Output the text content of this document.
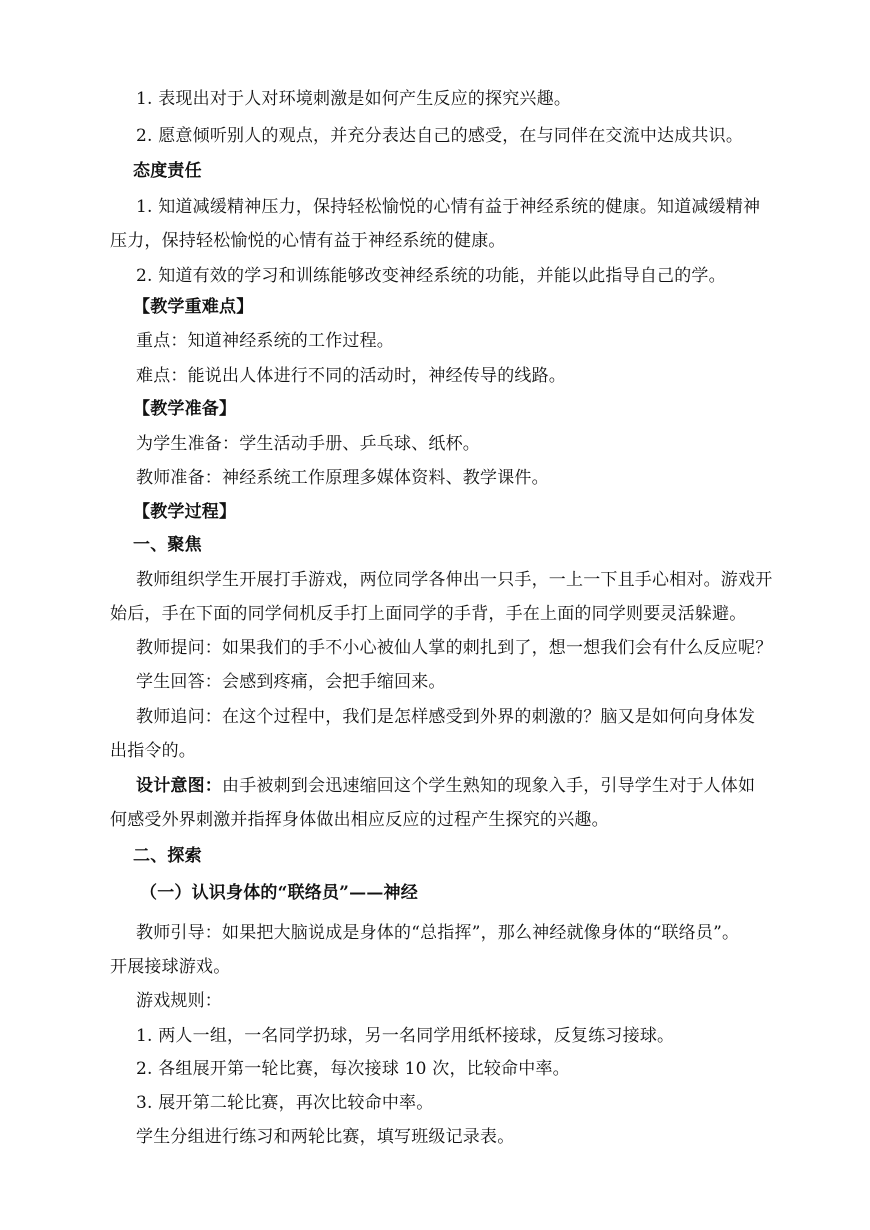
1. 表现出对于人对环境刺激是如何产生反应的探究兴趣。
2. 愿意倾听别人的观点，并充分表达自己的感受，在与同伴在交流中达成共识。
态度责任
1. 知道减缓精神压力，保持轻松愉悦的心情有益于神经系统的健康。知道减缓精神
压力，保持轻松愉悦的心情有益于神经系统的健康。
2. 知道有效的学习和训练能够改变神经系统的功能，并能以此指导自己的学。
【教学重难点】
重点：知道神经系统的工作过程。
难点：能说出人体进行不同的活动时，神经传导的线路。
【教学准备】
为学生准备：学生活动手册、乒乓球、纸杯。
教师准备：神经系统工作原理多媒体资料、教学课件。
【教学过程】
一、聚焦
教师组织学生开展打手游戏，两位同学各伸出一只手，一上一下且手心相对。游戏开
始后，手在下面的同学伺机反手打上面同学的手背，手在上面的同学则要灵活躲避。
教师提问：如果我们的手不小心被仙人掌的刺扎到了，想一想我们会有什么反应呢？
学生回答：会感到疼痛，会把手缩回来。
教师追问：在这个过程中，我们是怎样感受到外界的刺激的？脑又是如何向身体发
出指令的。
设计意图：由手被刺到会迅速缩回这个学生熟知的现象入手，引导学生对于人体如
何感受外界刺激并指挥身体做出相应反应的过程产生探究的兴趣。
二、探索
（一）认识身体的“联络员”——神经
教师引导：如果把大脑说成是身体的“总指挥”，那么神经就像身体的“联络员”。
开展接球游戏。
游戏规则：
1. 两人一组，一名同学扔球，另一名同学用纸杯接球，反复练习接球。
2. 各组展开第一轮比赛，每次接球 10 次，比较命中率。
3. 展开第二轮比赛，再次比较命中率。
学生分组进行练习和两轮比赛，填写班级记录表。
